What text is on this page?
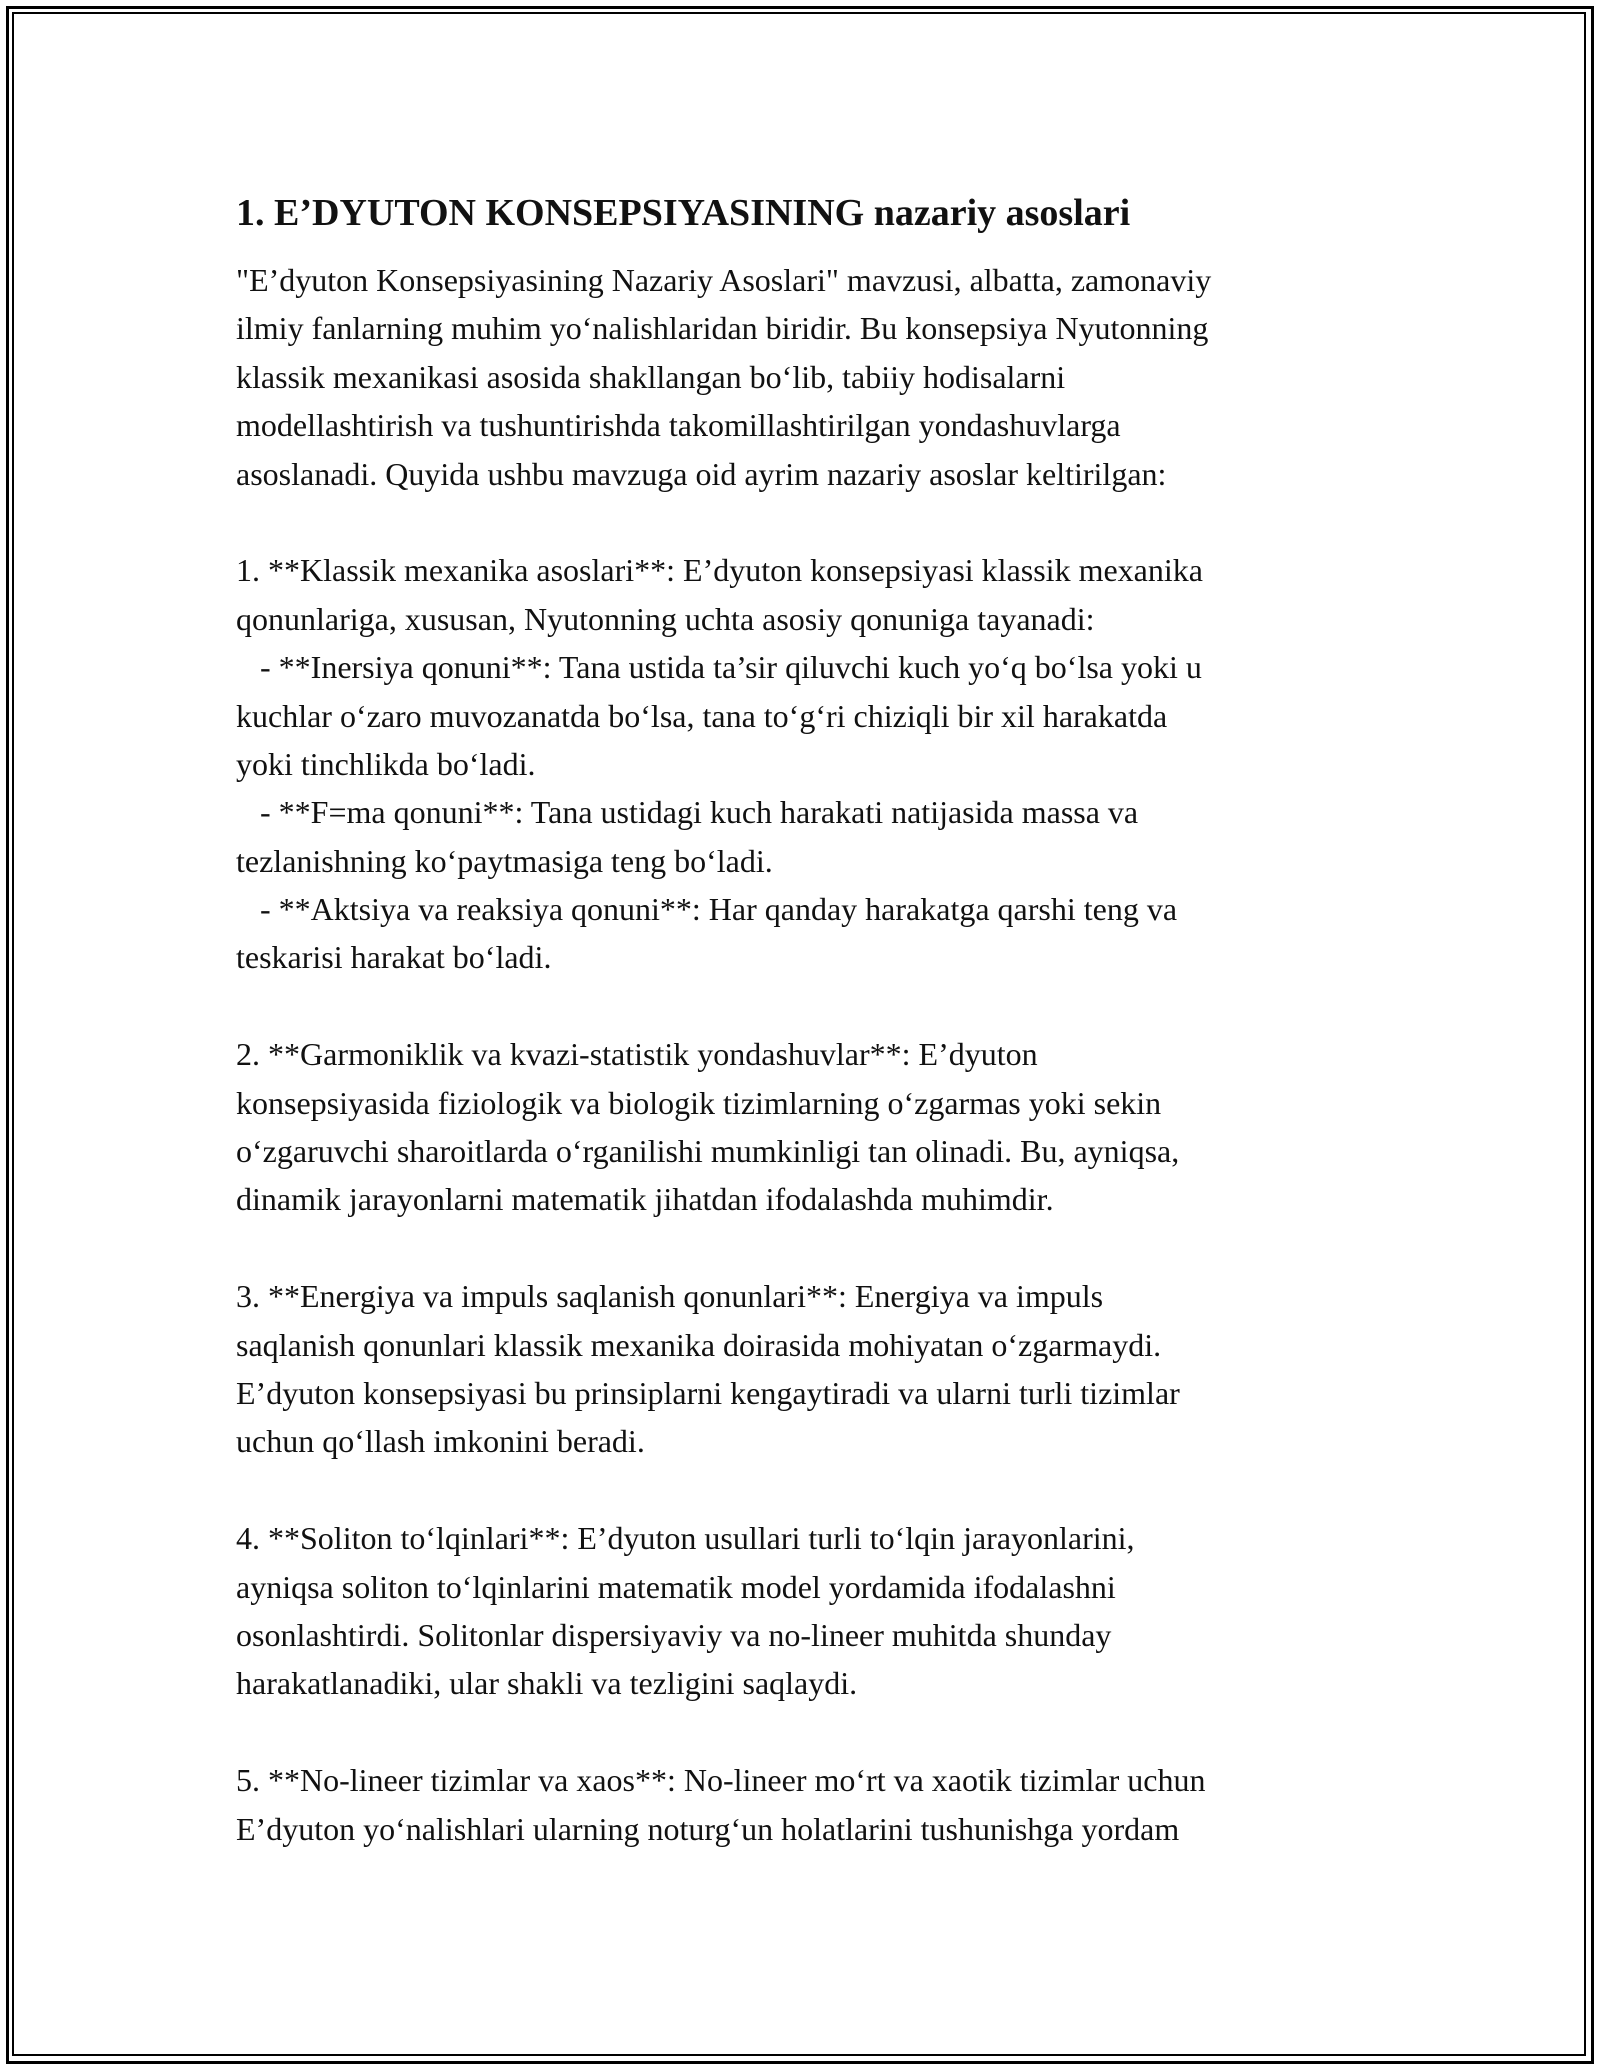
1. E’DYUTON KONSEPSIYASINING nazariy asoslari
"E’dyuton Konsepsiyasining Nazariy Asoslari" mavzusi, albatta, zamonaviy
ilmiy fanlarning muhim yo‘nalishlaridan biridir. Bu konsepsiya Nyutonning
klassik mexanikasi asosida shakllangan bo‘lib, tabiiy hodisalarni
modellashtirish va tushuntirishda takomillashtirilgan yondashuvlarga
asoslanadi. Quyida ushbu mavzuga oid ayrim nazariy asoslar keltirilgan:
1. **Klassik mexanika asoslari**: E’dyuton konsepsiyasi klassik mexanika
qonunlariga, xususan, Nyutonning uchta asosiy qonuniga tayanadi:
- **Inersiya qonuni**: Tana ustida ta’sir qiluvchi kuch yo‘q bo‘lsa yoki u
kuchlar o‘zaro muvozanatda bo‘lsa, tana to‘g‘ri chiziqli bir xil harakatda
yoki tinchlikda bo‘ladi.
- **F=ma qonuni**: Tana ustidagi kuch harakati natijasida massa va
tezlanishning ko‘paytmasiga teng bo‘ladi.
- **Aktsiya va reaksiya qonuni**: Har qanday harakatga qarshi teng va
teskarisi harakat bo‘ladi.
2. **Garmoniklik va kvazi-statistik yondashuvlar**: E’dyuton
konsepsiyasida fiziologik va biologik tizimlarning o‘zgarmas yoki sekin
o‘zgaruvchi sharoitlarda o‘rganilishi mumkinligi tan olinadi. Bu, ayniqsa,
dinamik jarayonlarni matematik jihatdan ifodalashda muhimdir.
3. **Energiya va impuls saqlanish qonunlari**: Energiya va impuls
saqlanish qonunlari klassik mexanika doirasida mohiyatan o‘zgarmaydi.
E’dyuton konsepsiyasi bu prinsiplarni kengaytiradi va ularni turli tizimlar
uchun qo‘llash imkonini beradi.
4. **Soliton to‘lqinlari**: E’dyuton usullari turli to‘lqin jarayonlarini,
ayniqsa soliton to‘lqinlarini matematik model yordamida ifodalashni
osonlashtirdi. Solitonlar dispersiyaviy va no-lineer muhitda shunday
harakatlanadiki, ular shakli va tezligini saqlaydi.
5. **No-lineer tizimlar va xaos**: No-lineer mo‘rt va xaotik tizimlar uchun
E’dyuton yo‘nalishlari ularning noturg‘un holatlarini tushunishga yordam
